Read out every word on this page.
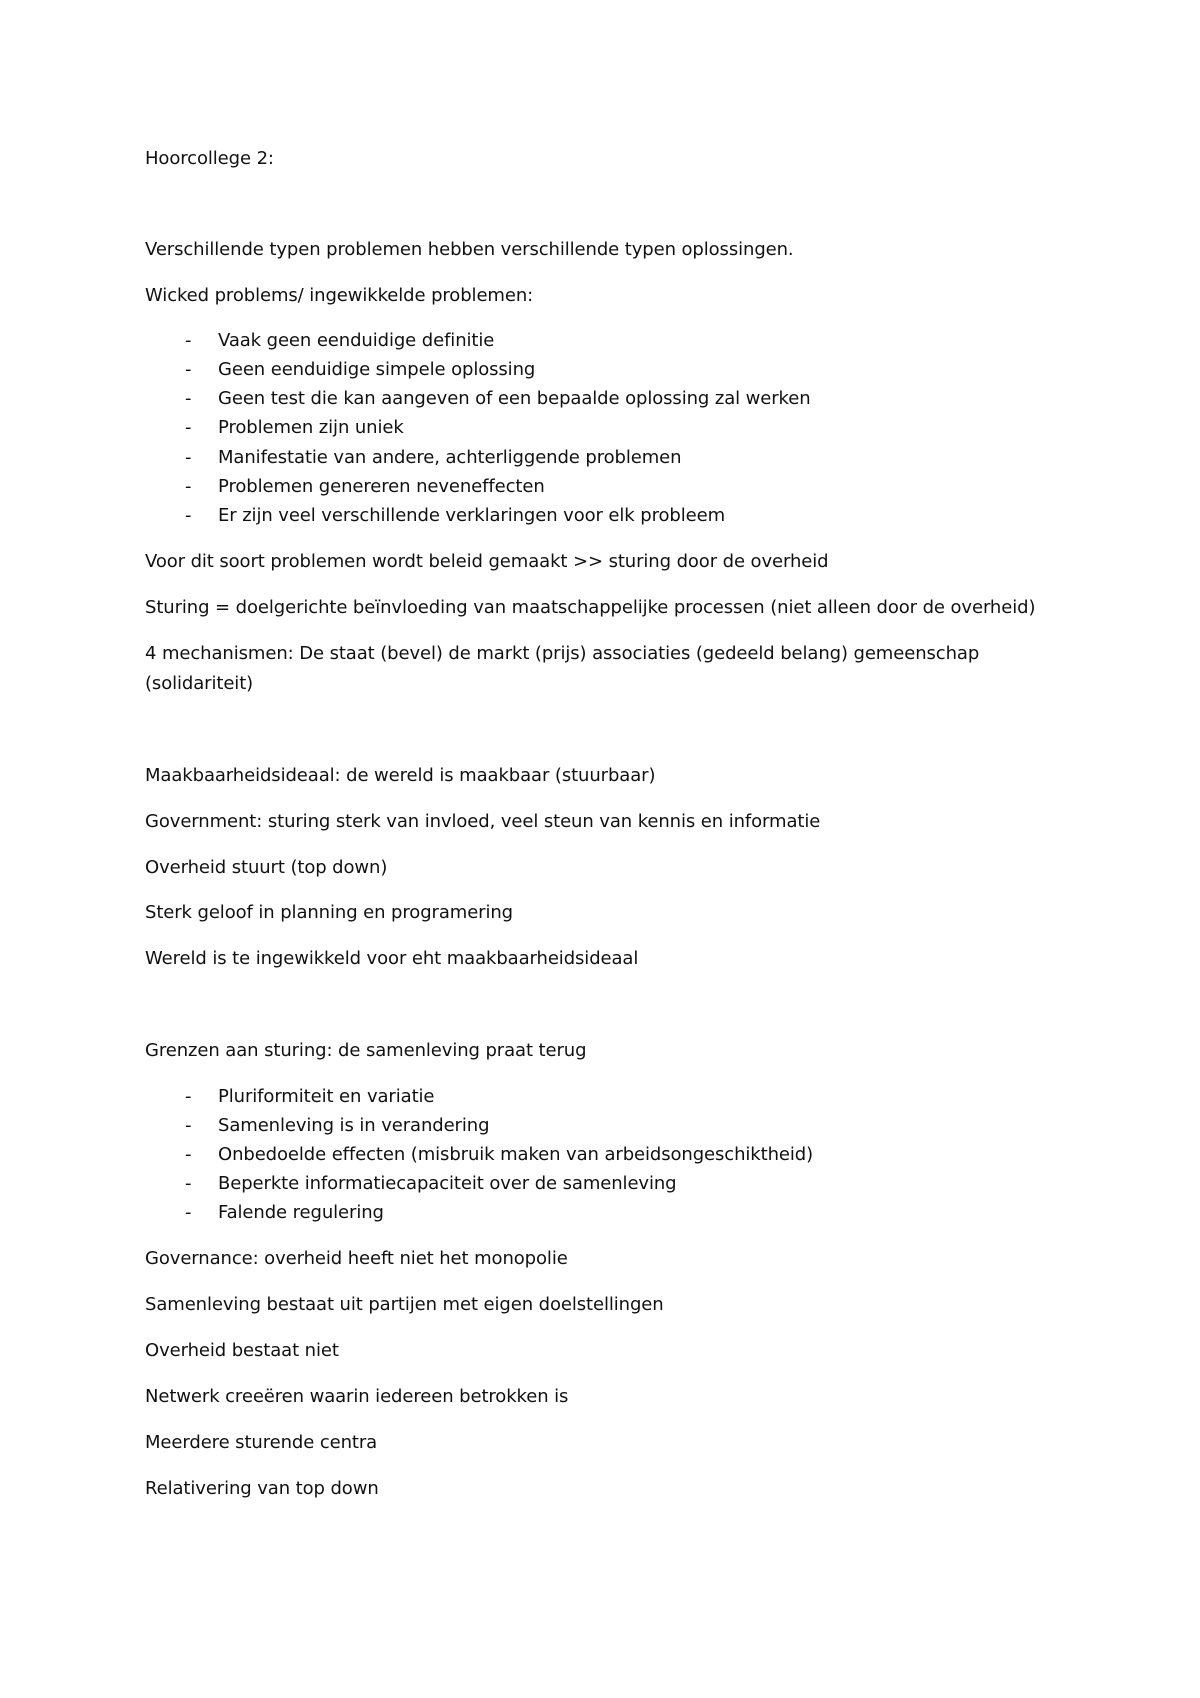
Hoorcollege 2:
Verschillende typen problemen hebben verschillende typen oplossingen.
Wicked problems/ ingewikkelde problemen:
- Vaak geen eenduidige definitie
- Geen eenduidige simpele oplossing
- Geen test die kan aangeven of een bepaalde oplossing zal werken
- Problemen zijn uniek
- Manifestatie van andere, achterliggende problemen
- Problemen genereren neveneffecten
- Er zijn veel verschillende verklaringen voor elk probleem
Voor dit soort problemen wordt beleid gemaakt >> sturing door de overheid
Sturing = doelgerichte beïnvloeding van maatschappelijke processen (niet alleen door de overheid)
4 mechanismen: De staat (bevel) de markt (prijs) associaties (gedeeld belang) gemeenschap
(solidariteit)
Maakbaarheidsideaal: de wereld is maakbaar (stuurbaar)
Government: sturing sterk van invloed, veel steun van kennis en informatie
Overheid stuurt (top down)
Sterk geloof in planning en programering
Wereld is te ingewikkeld voor eht maakbaarheidsideaal
Grenzen aan sturing: de samenleving praat terug
- Pluriformiteit en variatie
- Samenleving is in verandering
- Onbedoelde effecten (misbruik maken van arbeidsongeschiktheid)
- Beperkte informatiecapaciteit over de samenleving
- Falende regulering
Governance: overheid heeft niet het monopolie
Samenleving bestaat uit partijen met eigen doelstellingen
Overheid bestaat niet
Netwerk creeëren waarin iedereen betrokken is
Meerdere sturende centra
Relativering van top down
